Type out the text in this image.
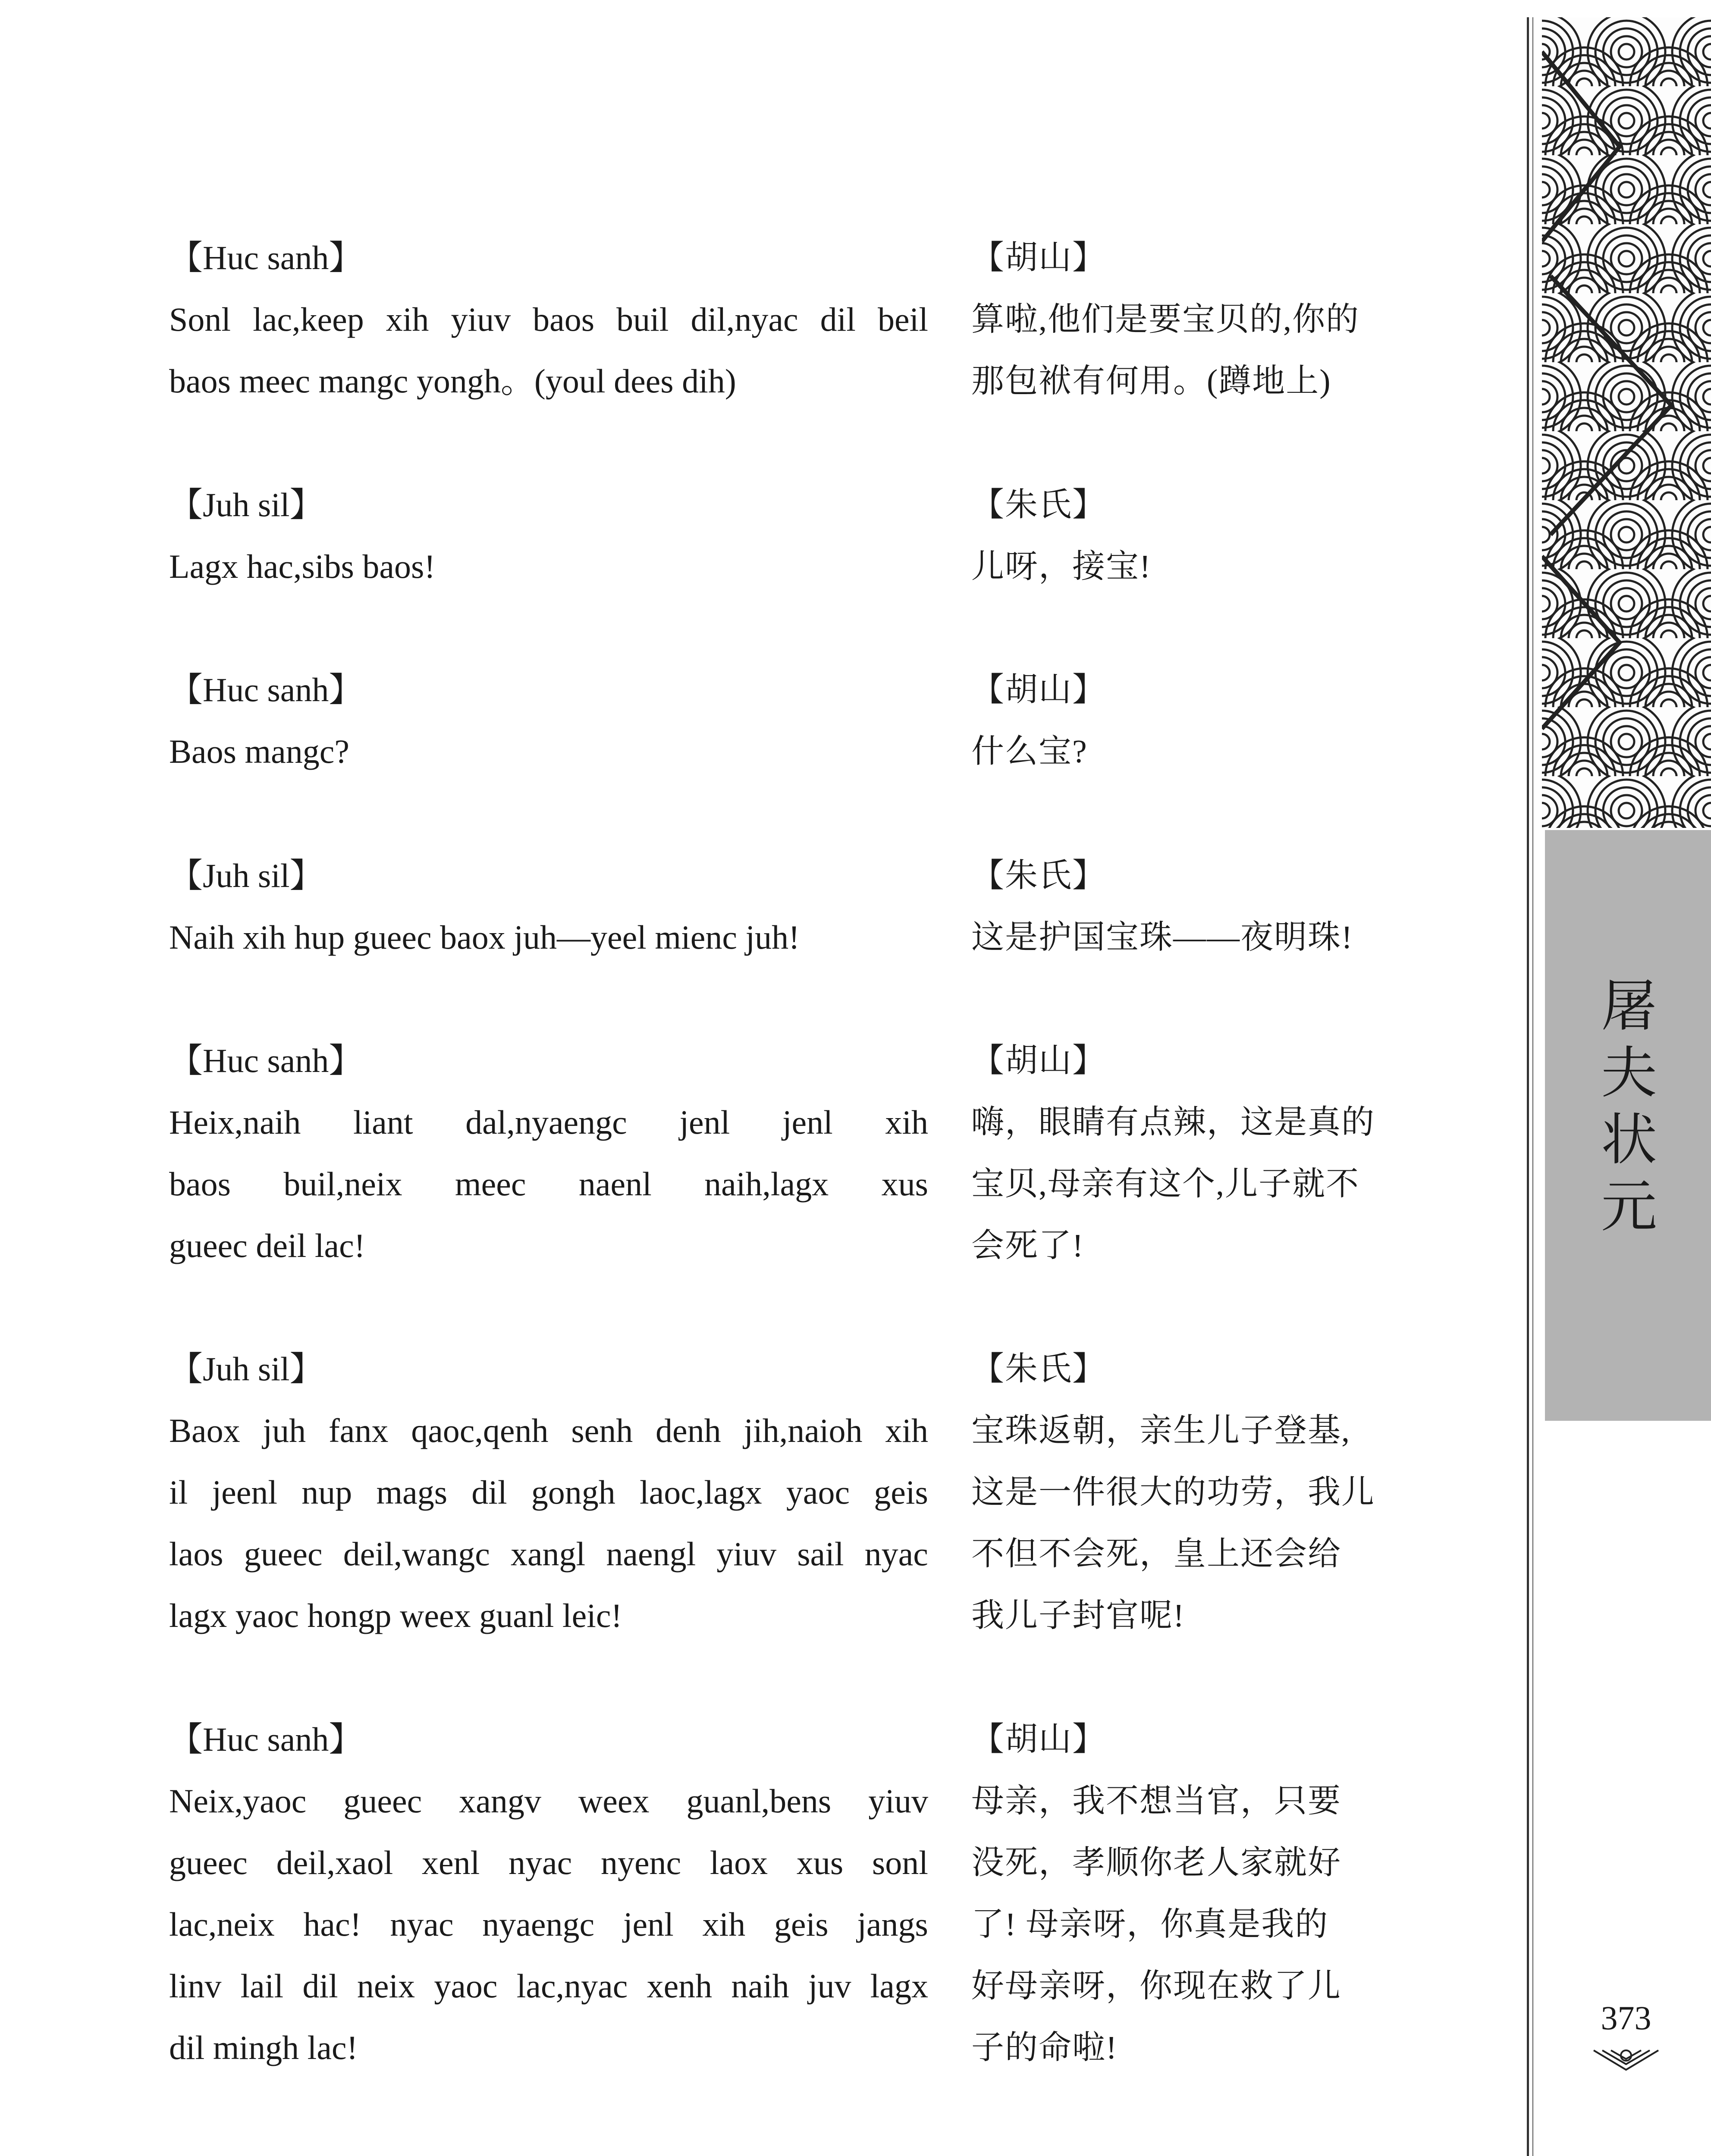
屠
夫
状
元
【Huc sanh】
Sonl lac,keep xih yiuv baos buil dil,nyac dil beil
baos meec mangc yongh。(youl dees dih)
【Juh sil】
Lagx hac,sibs baos!
【Huc sanh】
Baos mangc?
【Juh sil】
Naih xih hup gueec baox juh—yeel mienc juh!
【Huc sanh】
Heix,naih liant dal,nyaengc jenl jenl xih
baos buil,neix meec naenl naih,lagx xus
gueec deil lac!
【Juh sil】
Baox juh fanx qaoc,qenh senh denh jih,naioh xih
il jeenl nup mags dil gongh laoc,lagx yaoc geis
laos gueec deil,wangc xangl naengl yiuv sail nyac
lagx yaoc hongp weex guanl leic!
【Huc sanh】
Neix,yaoc gueec xangv weex guanl,bens yiuv
gueec deil,xaol xenl nyac nyenc laox xus sonl
lac,neix hac! nyac nyaengc jenl xih geis jangs
linv lail dil neix yaoc lac,nyac xenh naih juv lagx
dil mingh lac!
【胡山】
算啦,他们是要宝贝的,你的
那包袱有何用。(蹲地上)
【朱氏】
儿呀，接宝!
【胡山】
什么宝?
【朱氏】
这是护国宝珠——夜明珠!
【胡山】
嗨，眼睛有点辣，这是真的
宝贝,母亲有这个,儿子就不
会死了!
【朱氏】
宝珠返朝，亲生儿子登基,
这是一件很大的功劳，我儿
不但不会死，皇上还会给
我儿子封官呢!
【胡山】
母亲，我不想当官，只要
没死，孝顺你老人家就好
了! 母亲呀，你真是我的
好母亲呀，你现在救了儿
子的命啦!
373
